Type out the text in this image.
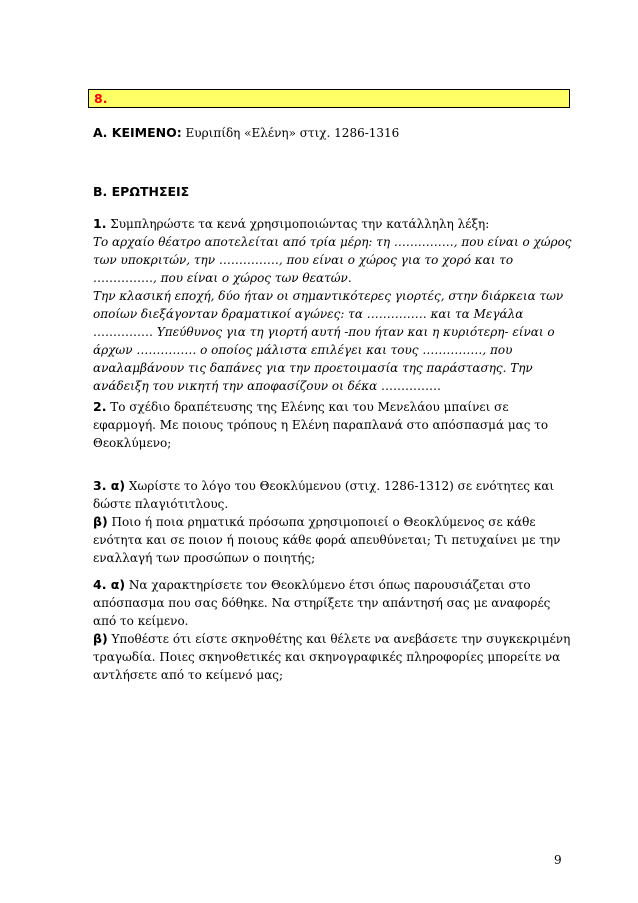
8.
Α. ΚΕΙΜΕΝΟ: Ευριπίδη «Ελένη» στιχ. 1286-1316
Β. ΕΡΩΤΗΣΕΙΣ
1. Συμπληρώστε τα κενά χρησιμοποιώντας την κατάλληλη λέξη:
Το αρχαίο θέατρο αποτελείται από τρία μέρη: τη ……………, που είναι ο χώρος
των υποκριτών, την ……………, που είναι ο χώρος για το χορό και το
……………, που είναι ο χώρος των θεατών.
Την κλασική εποχή, δύο ήταν οι σημαντικότερες γιορτές, στην διάρκεια των
οποίων διεξάγονταν δραματικοί αγώνες: τα …………… και τα Μεγάλα
…………… Υπεύθυνος για τη γιορτή αυτή -που ήταν και η κυριότερη- είναι ο
άρχων …………… ο οποίος μάλιστα επιλέγει και τους ……………, που
αναλαμβάνουν τις δαπάνες για την προετοιμασία της παράστασης. Την
ανάδειξη του νικητή την αποφασίζουν οι δέκα ……………
2. Το σχέδιο δραπέτευσης της Ελένης και του Μενελάου μπαίνει σε
εφαρμογή. Με ποιους τρόπους η Ελένη παραπλανά στο απόσπασμά μας το
Θεοκλύμενο;
3. α) Χωρίστε το λόγο του Θεοκλύμενου (στιχ. 1286-1312) σε ενότητες και
δώστε πλαγιότιτλους.
β) Ποιο ή ποια ρηματικά πρόσωπα χρησιμοποιεί ο Θεοκλύμενος σε κάθε
ενότητα και σε ποιον ή ποιους κάθε φορά απευθύνεται; Τι πετυχαίνει με την
εναλλαγή των προσώπων ο ποιητής;
4. α) Να χαρακτηρίσετε τον Θεοκλύμενο έτσι όπως παρουσιάζεται στο
απόσπασμα που σας δόθηκε. Να στηρίξετε την απάντησή σας με αναφορές
από το κείμενο.
β) Υποθέστε ότι είστε σκηνοθέτης και θέλετε να ανεβάσετε την συγκεκριμένη
τραγωδία. Ποιες σκηνοθετικές και σκηνογραφικές πληροφορίες μπορείτε να
αντλήσετε από το κείμενό μας;
9
